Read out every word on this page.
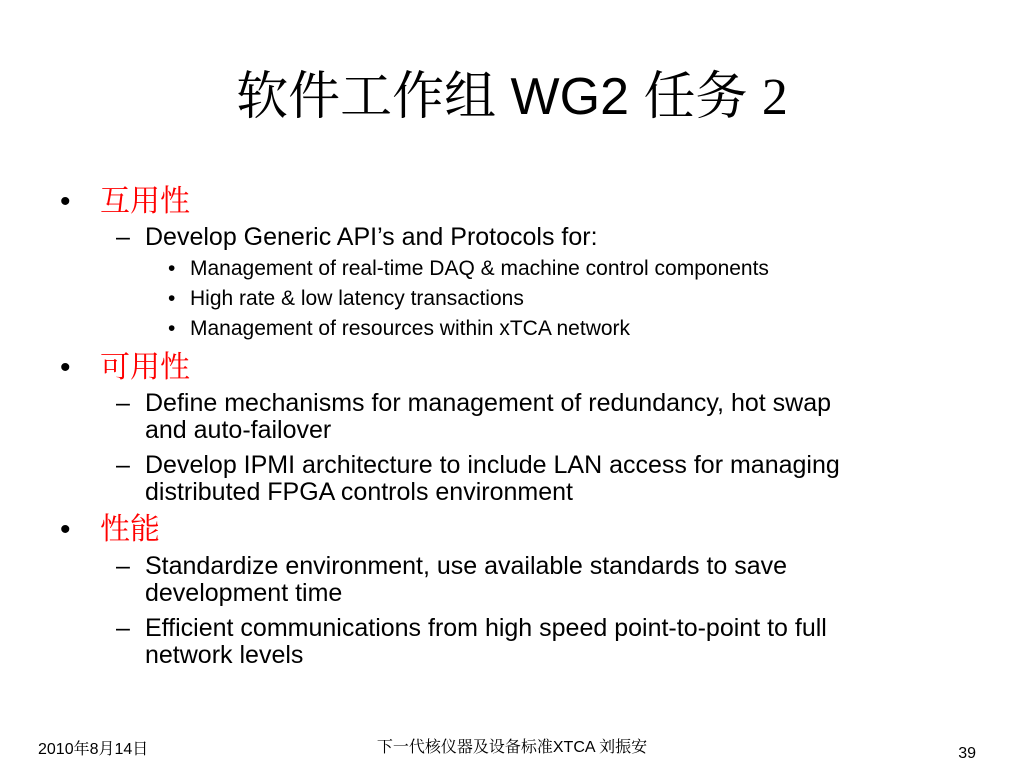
软件工作组 WG2 任务 2
• 互用性
– Develop Generic API’s and Protocols for:
• Management of real-time DAQ & machine control components
• High rate & low latency transactions
• Management of resources within xTCA network
• 可用性
– Define mechanisms for management of redundancy, hot swap
and auto-failover
– Develop IPMI architecture to include LAN access for managing
distributed FPGA controls environment
• 性能
– Standardize environment, use available standards to save
development time
– Efficient communications from high speed point-to-point to full
network levels
2010年8月14日	下一代核仪器及设备标准XTCA 刘振安	39
